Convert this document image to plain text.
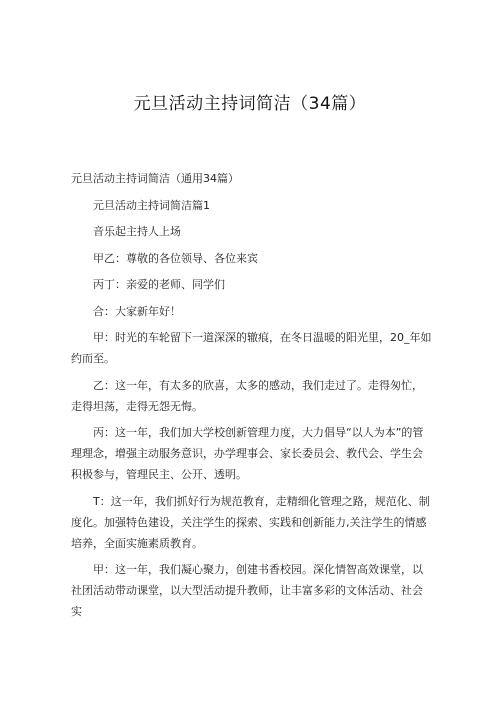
元旦活动主持词简洁（34篇）

元旦活动主持词简洁（通用34篇）

元旦活动主持词简洁篇1

音乐起主持人上场

甲乙：尊敬的各位领导、各位来宾

丙丁：亲爱的老师、同学们

合：大家新年好！

甲：时光的车轮留下一道深深的辙痕，在冬日温暖的阳光里，20_年如约而至。

乙：这一年，有太多的欣喜，太多的感动，我们走过了。走得匆忙，走得坦荡，走得无怨无悔。

丙：这一年，我们加大学校创新管理力度，大力倡导“以人为本”的管理理念，增强主动服务意识，办学理事会、家长委员会、教代会、学生会积极参与，管理民主、公开、透明。

T：这一年，我们抓好行为规范教育，走精细化管理之路，规范化、制度化。加强特色建设，关注学生的探索、实践和创新能力,关注学生的情感培养，全面实施素质教育。

甲：这一年，我们凝心聚力，创建书香校园。深化情智高效课堂，以社团活动带动课堂，以大型活动提升教师，让丰富多彩的文体活动、社会实
